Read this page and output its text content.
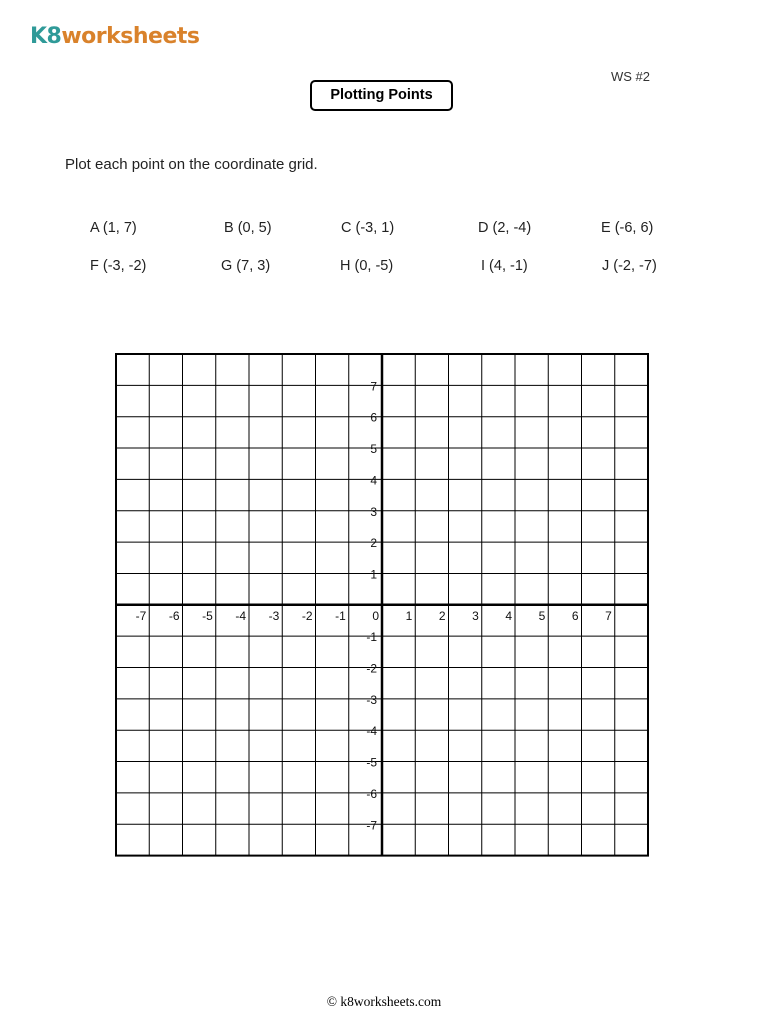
K8worksheets
WS #2
Plotting Points
Plot each point on the coordinate grid.
A (1, 7)	B (0, 5)	C (-3, 1)	D (2, -4)	E (-6, 6)
F (-3, -2)	G (7, 3)	H (0, -5)	I (4, -1)	J (-2, -7)
-7 -6 -5 -4 -3 -2 -1 0 1 2 3 4 5 6 7
7
6
5
4
3
2
1
-1
-2
-3
-4
-5
-6
-7
© k8worksheets.com
